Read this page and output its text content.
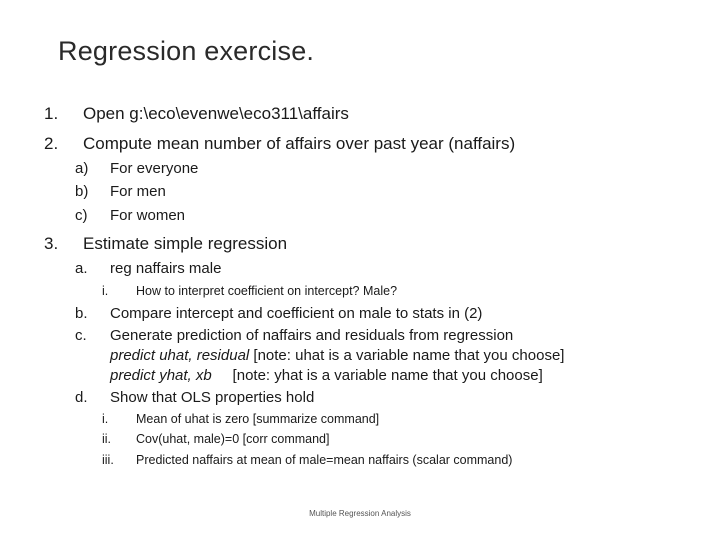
Regression exercise.
1. Open g:\eco\evenwe\eco311\affairs
2. Compute mean number of affairs over past year (naffairs)
a) For everyone
b) For men
c) For women
3. Estimate simple regression
a. reg naffairs male
i. How to interpret coefficient on intercept? Male?
b. Compare intercept and coefficient on male to stats in (2)
c. Generate prediction of naffairs and residuals from regression
predict uhat, residual [note: uhat is a variable name that you choose]
predict yhat, xb     [note: yhat is a variable name that you choose]
d. Show that OLS properties hold
i. Mean of uhat is zero [summarize command]
ii. Cov(uhat, male)=0 [corr command]
iii. Predicted naffairs at mean of male=mean naffairs (scalar command)
Multiple Regression Analysis
